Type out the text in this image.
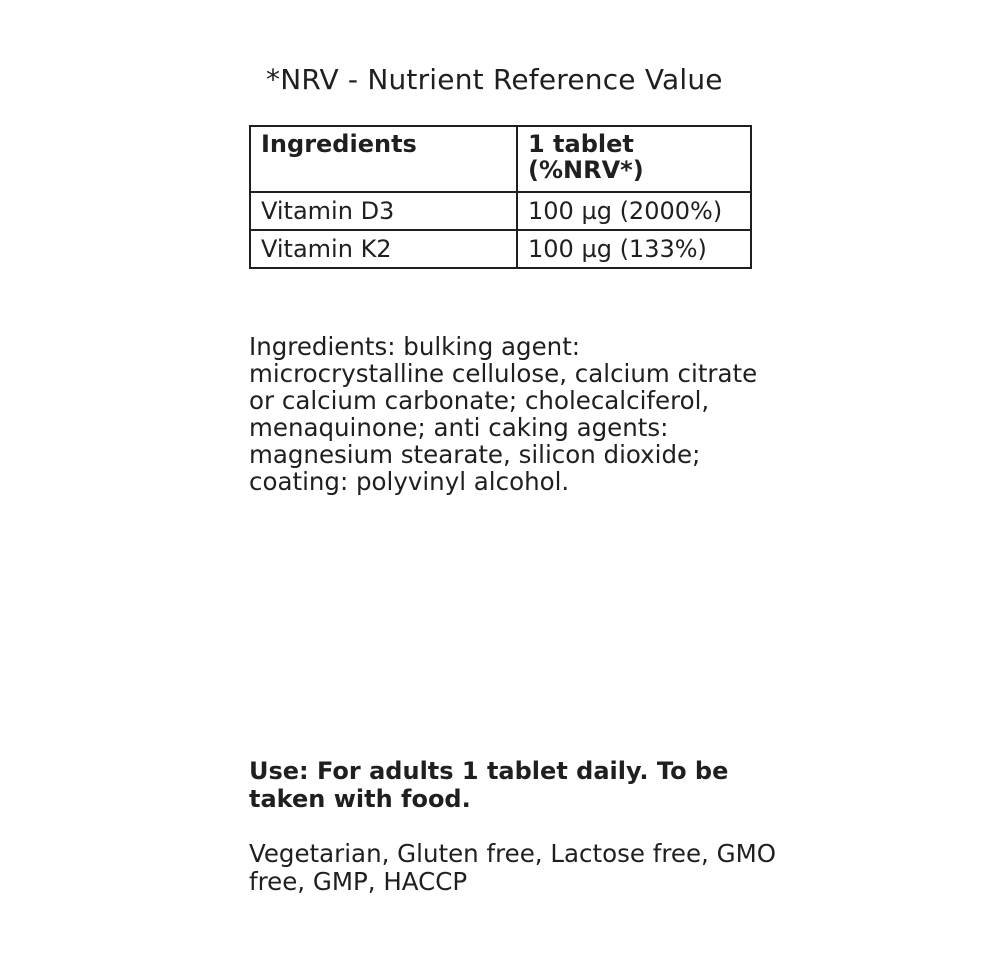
*NRV - Nutrient Reference Value
Ingredients	1 tablet
(%NRV*)

Vitamin D3	100 µg (2000%)
Vitamin K2	100 µg (133%)
Ingredients: bulking agent: microcrystalline cellulose, calcium citrate or calcium carbonate; cholecalciferol, menaquinone; anti caking agents: magnesium stearate, silicon dioxide; coating: polyvinyl alcohol.
Use: For adults 1 tablet daily. To be taken with food.
Vegetarian, Gluten free, Lactose free, GMO free, GMP, HACCP
